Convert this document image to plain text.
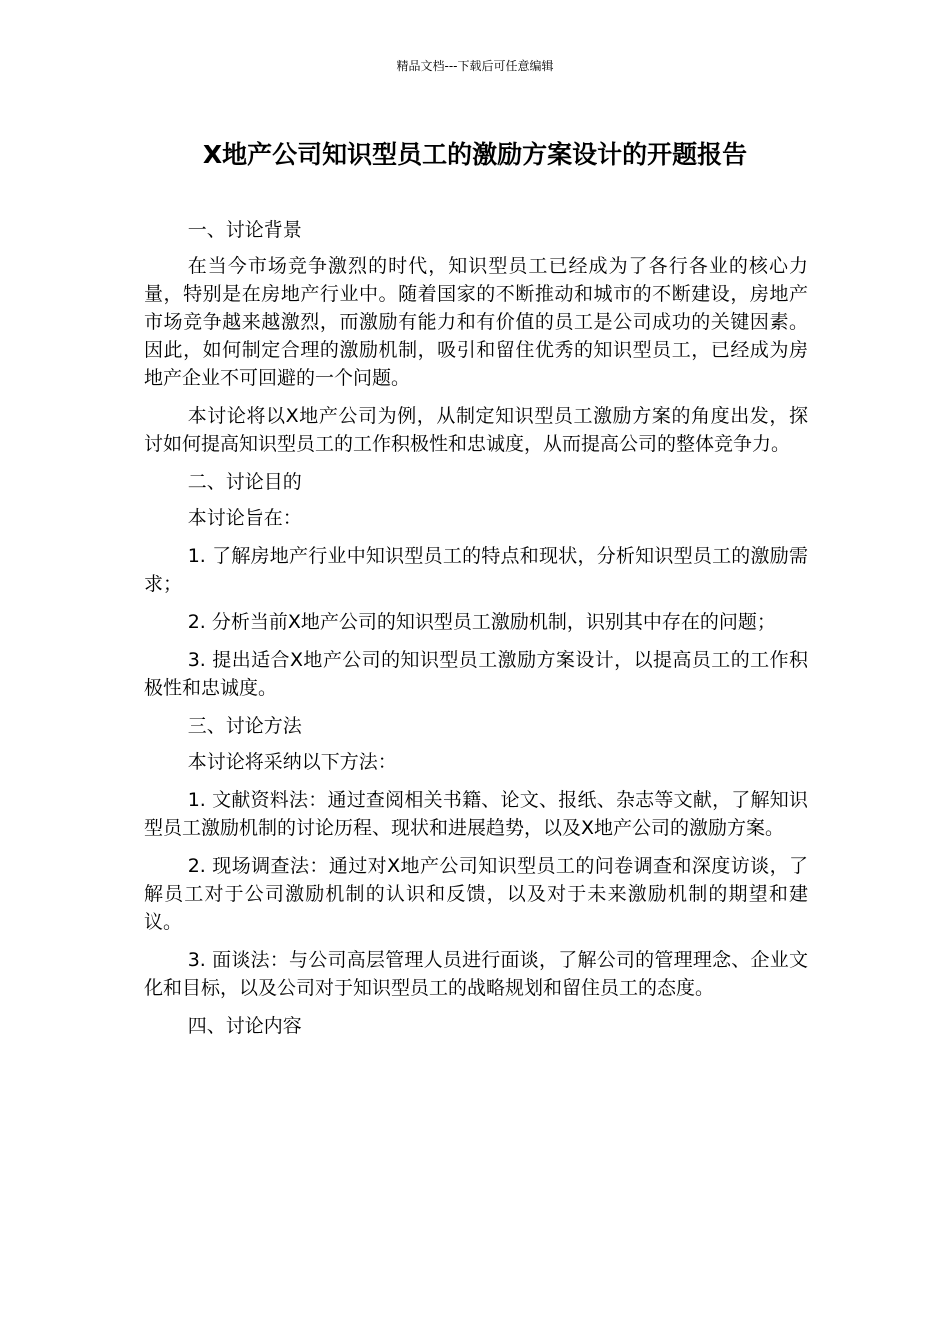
精品文档---下载后可任意编辑
X地产公司知识型员工的激励方案设计的开题报告

一、讨论背景

在当今市场竞争激烈的时代，知识型员工已经成为了各行各业的核心力量，特别是在房地产行业中。随着国家的不断推动和城市的不断建设，房地产市场竞争越来越激烈，而激励有能力和有价值的员工是公司成功的关键因素。因此，如何制定合理的激励机制，吸引和留住优秀的知识型员工，已经成为房地产企业不可回避的一个问题。

本讨论将以X地产公司为例，从制定知识型员工激励方案的角度出发，探讨如何提高知识型员工的工作积极性和忠诚度，从而提高公司的整体竞争力。

二、讨论目的

本讨论旨在：

1. 了解房地产行业中知识型员工的特点和现状，分析知识型员工的激励需求；

2. 分析当前X地产公司的知识型员工激励机制，识别其中存在的问题；

3. 提出适合X地产公司的知识型员工激励方案设计，以提高员工的工作积极性和忠诚度。

三、讨论方法

本讨论将采纳以下方法：

1. 文献资料法：通过查阅相关书籍、论文、报纸、杂志等文献，了解知识型员工激励机制的讨论历程、现状和进展趋势，以及X地产公司的激励方案。

2. 现场调查法：通过对X地产公司知识型员工的问卷调查和深度访谈，了解员工对于公司激励机制的认识和反馈，以及对于未来激励机制的期望和建议。

3. 面谈法：与公司高层管理人员进行面谈，了解公司的管理理念、企业文化和目标，以及公司对于知识型员工的战略规划和留住员工的态度。

四、讨论内容
